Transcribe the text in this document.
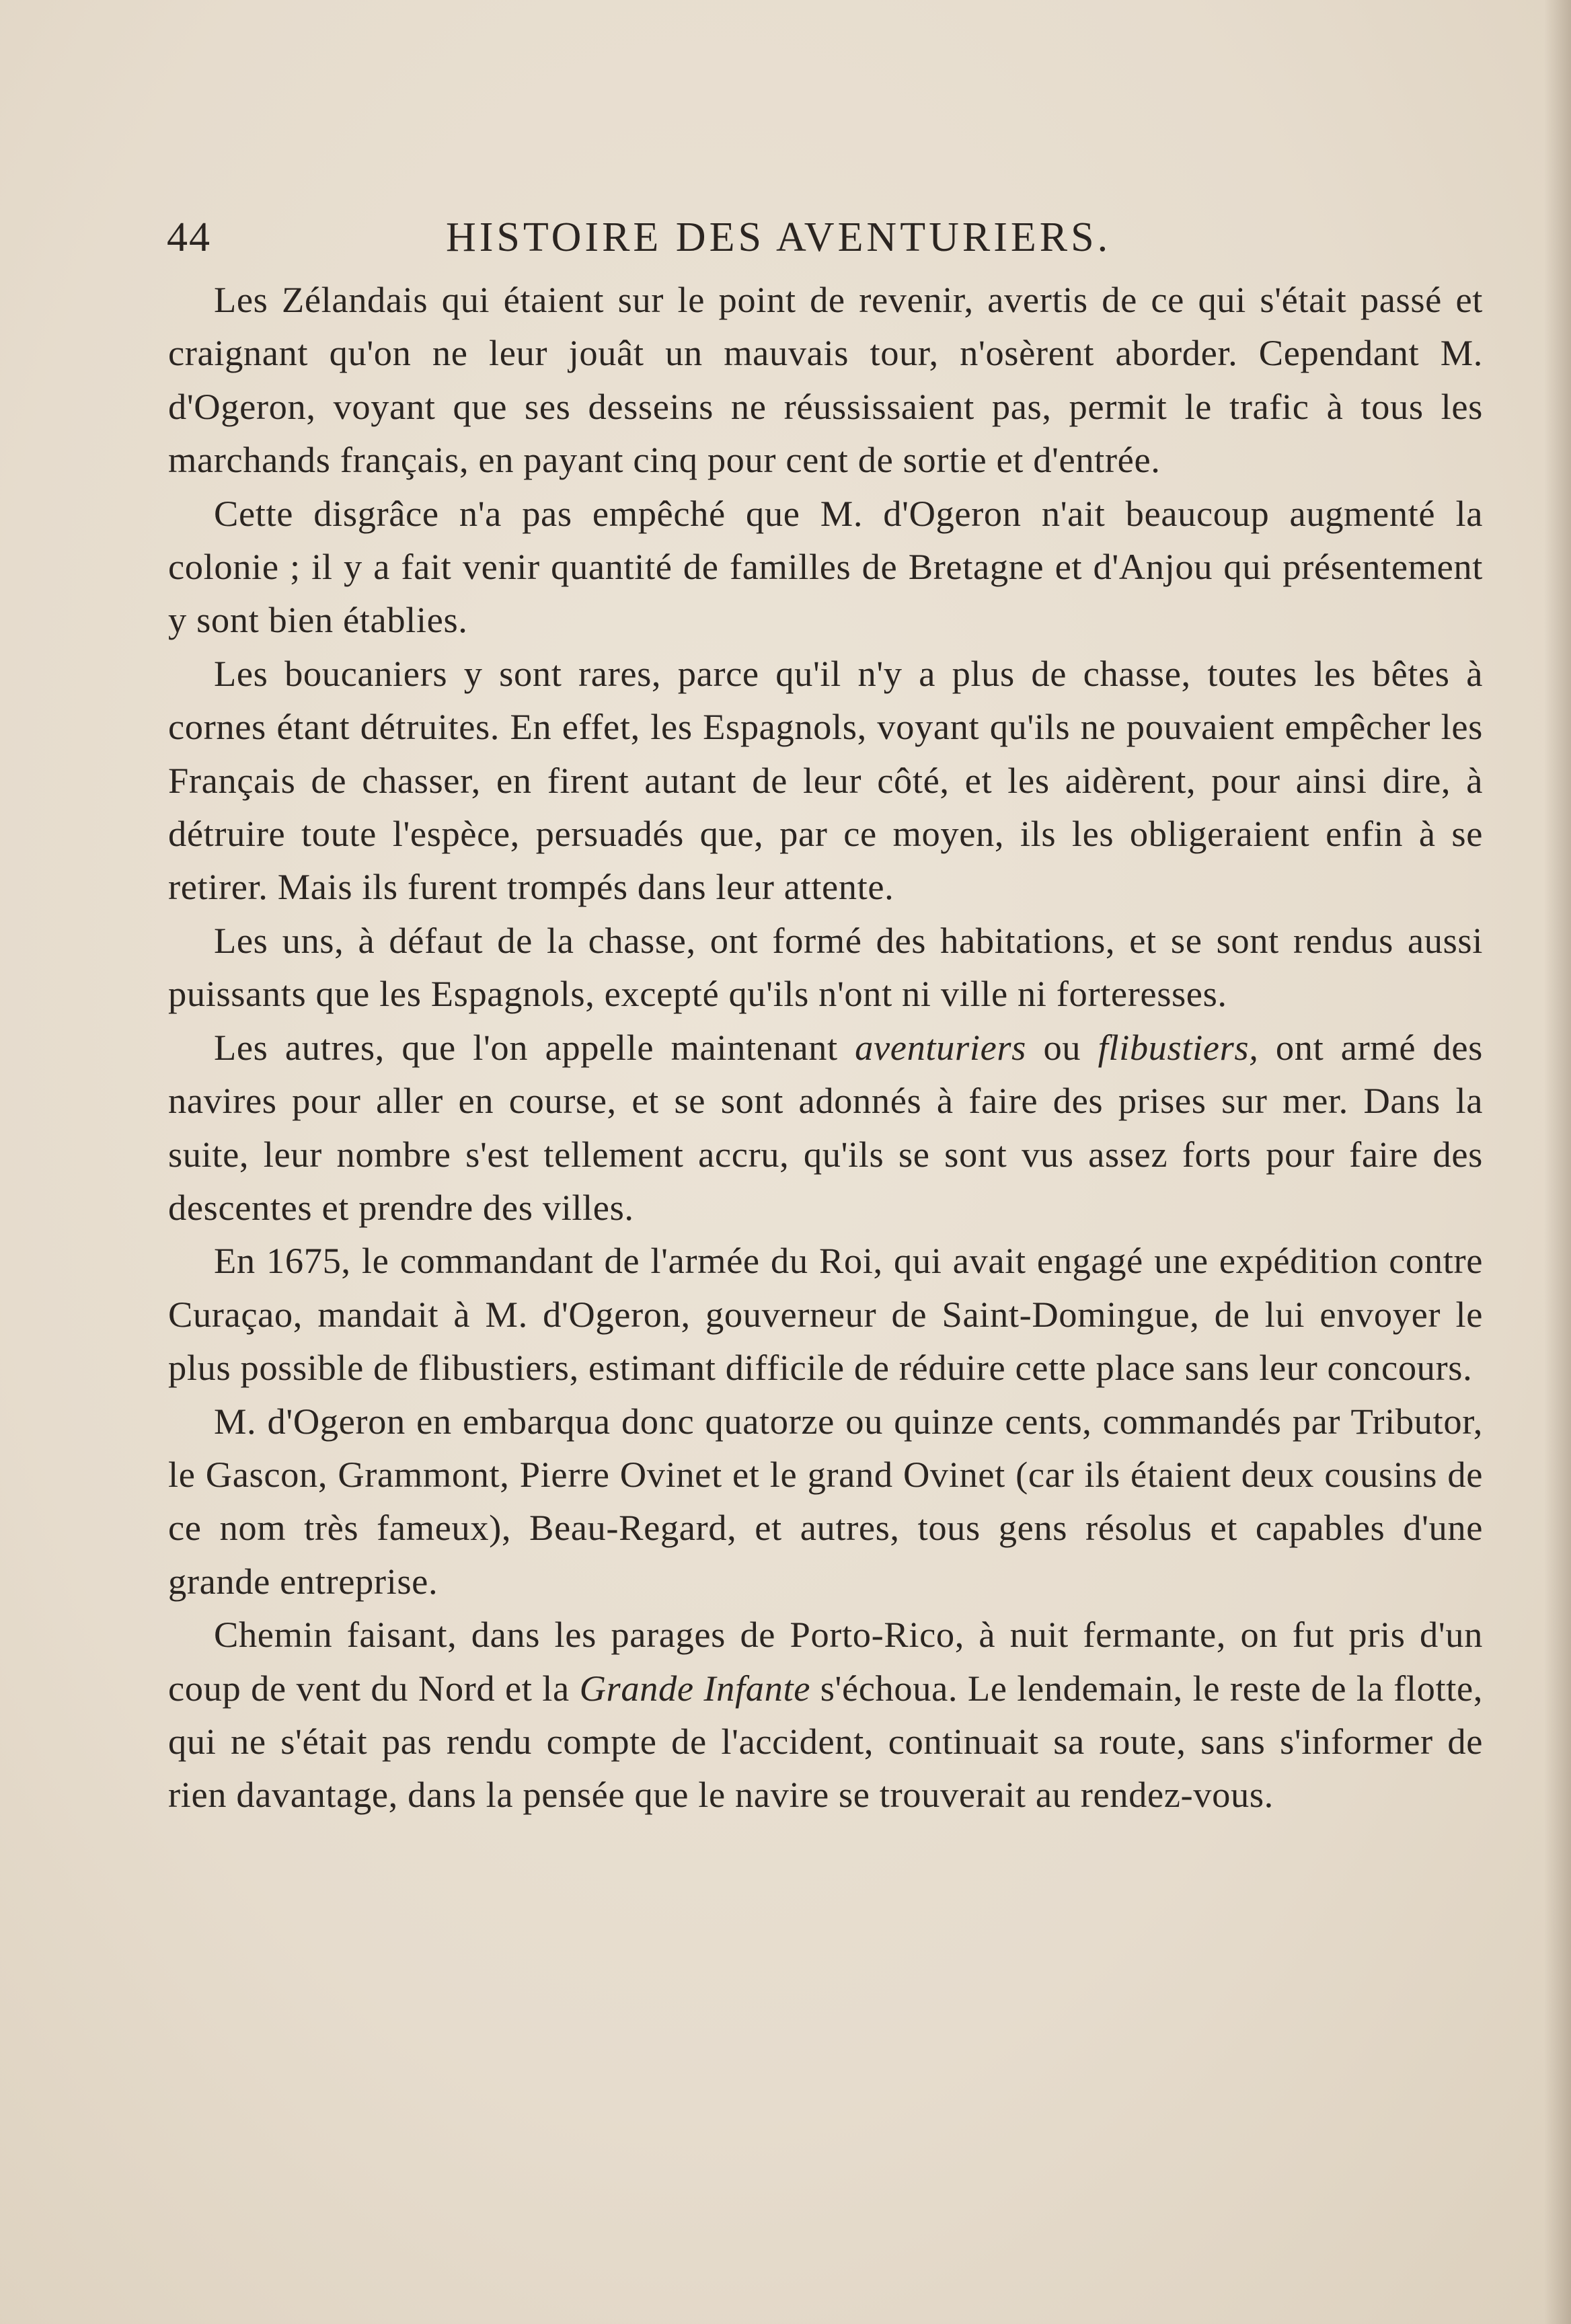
44	HISTOIRE DES AVENTURIERS.

Les Zélandais qui étaient sur le point de revenir, avertis de ce qui s'était passé et craignant qu'on ne leur jouât un mauvais tour, n'osèrent aborder. Cependant M. d'Ogeron, voyant que ses desseins ne réussissaient pas, permit le trafic à tous les marchands français, en payant cinq pour cent de sortie et d'entrée.

Cette disgrâce n'a pas empêché que M. d'Ogeron n'ait beaucoup augmenté la colonie ; il y a fait venir quantité de familles de Bretagne et d'Anjou qui présentement y sont bien établies.

Les boucaniers y sont rares, parce qu'il n'y a plus de chasse, toutes les bêtes à cornes étant détruites. En effet, les Espagnols, voyant qu'ils ne pouvaient empêcher les Français de chasser, en firent autant de leur côté, et les aidèrent, pour ainsi dire, à détruire toute l'espèce, persuadés que, par ce moyen, ils les obligeraient enfin à se retirer. Mais ils furent trompés dans leur attente.

Les uns, à défaut de la chasse, ont formé des habitations, et se sont rendus aussi puissants que les Espagnols, excepté qu'ils n'ont ni ville ni forteresses.

Les autres, que l'on appelle maintenant aventuriers ou flibustiers, ont armé des navires pour aller en course, et se sont adonnés à faire des prises sur mer. Dans la suite, leur nombre s'est tellement accru, qu'ils se sont vus assez forts pour faire des descentes et prendre des villes.

En 1675, le commandant de l'armée du Roi, qui avait engagé une expédition contre Curaçao, mandait à M. d'Ogeron, gouverneur de Saint-Domingue, de lui envoyer le plus possible de flibustiers, estimant difficile de réduire cette place sans leur concours.

M. d'Ogeron en embarqua donc quatorze ou quinze cents, commandés par Tributor, le Gascon, Grammont, Pierre Ovinet et le grand Ovinet (car ils étaient deux cousins de ce nom très fameux), Beau-Regard, et autres, tous gens résolus et capables d'une grande entreprise.

Chemin faisant, dans les parages de Porto-Rico, à nuit fermante, on fut pris d'un coup de vent du Nord et la Grande Infante s'échoua. Le lendemain, le reste de la flotte, qui ne s'était pas rendu compte de l'accident, continuait sa route, sans s'informer de rien davantage, dans la pensée que le navire se trouverait au rendez-vous.
